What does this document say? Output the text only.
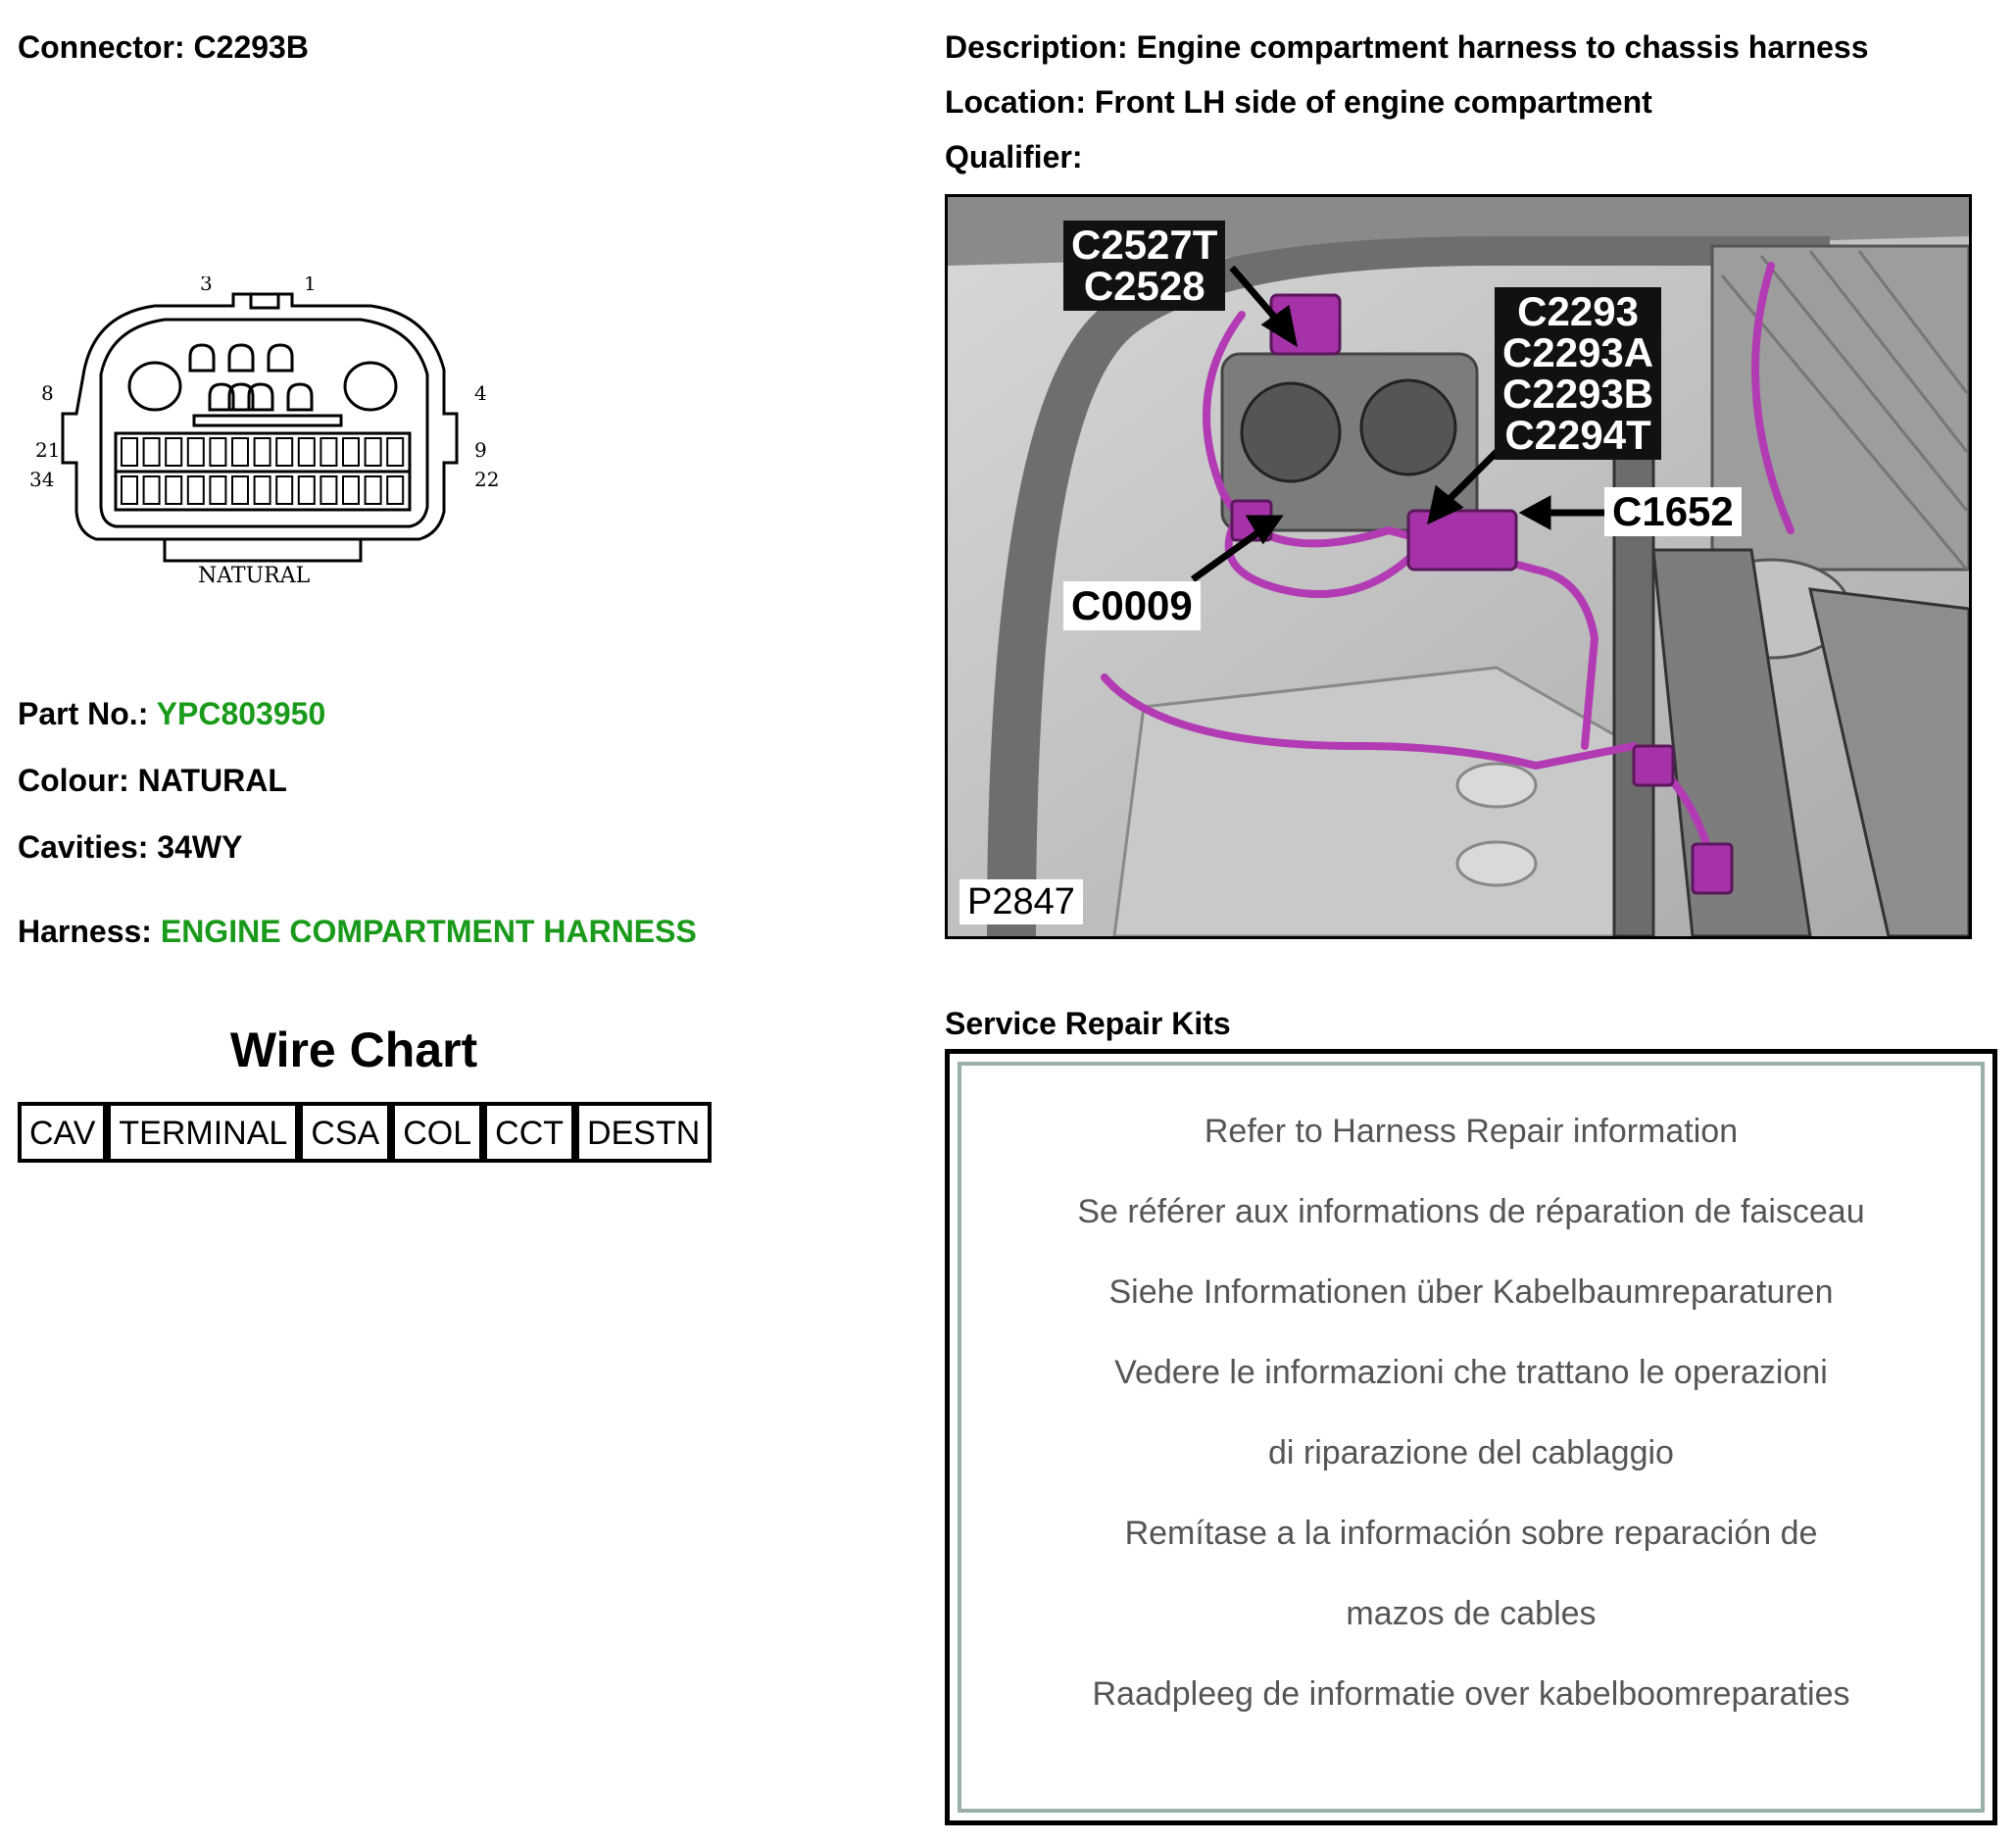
Connector: C2293B	Description: Engine compartment harness to chassis harness
Location: Front LH side of engine compartment
Qualifier:
3	1
8	4
21	9
34	22
NATURAL
Part No.: YPC803950
Colour: NATURAL
Cavities: 34WY
Harness: ENGINE COMPARTMENT HARNESS
Wire Chart
CAV	TERMINAL	CSA	COL	CCT	DESTN
C2527T
C2528
C2293
C2293A
C2293B
C2294T
C1652
C0009
P2847
Service Repair Kits
Refer to Harness Repair information
Se référer aux informations de réparation de faisceau
Siehe Informationen über Kabelbaumreparaturen
Vedere le informazioni che trattano le operazioni
di riparazione del cablaggio
Remítase a la información sobre reparación de
mazos de cables
Raadpleeg de informatie over kabelboomreparaties
